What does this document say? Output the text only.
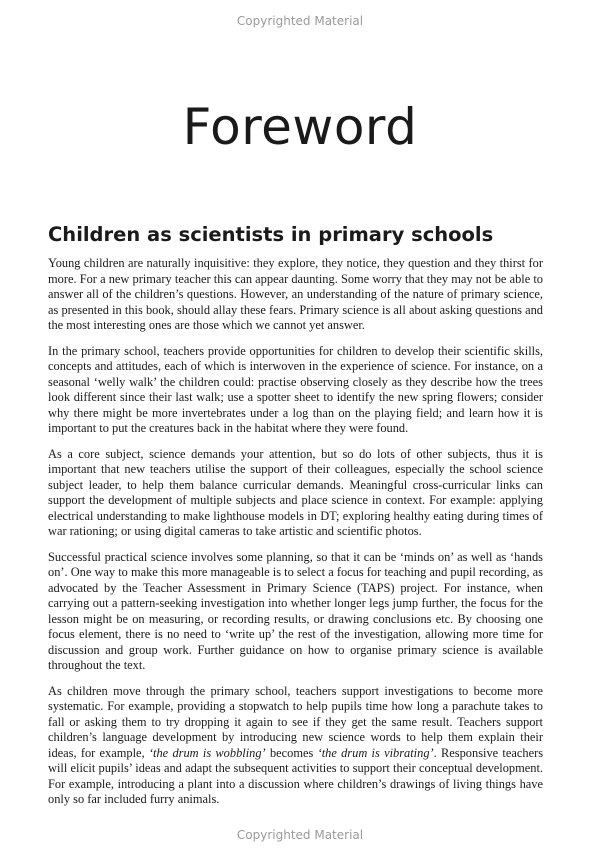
Copyrighted Material
Foreword
Children as scientists in primary schools

Young children are naturally inquisitive: they explore, they notice, they question and they thirst for more. For a new primary teacher this can appear daunting. Some worry that they may not be able to answer all of the children’s questions. However, an understanding of the nature of primary science, as presented in this book, should allay these fears. Primary science is all about asking questions and the most interesting ones are those which we cannot yet answer.

In the primary school, teachers provide opportunities for children to develop their scientific skills, concepts and attitudes, each of which is interwoven in the experience of science. For instance, on a seasonal ‘welly walk’ the children could: practise observing closely as they describe how the trees look different since their last walk; use a spotter sheet to identify the new spring flowers; consider why there might be more invertebrates under a log than on the playing field; and learn how it is important to put the creatures back in the habitat where they were found.

As a core subject, science demands your attention, but so do lots of other subjects, thus it is important that new teachers utilise the support of their colleagues, especially the school science subject leader, to help them balance curricular demands. Meaningful cross-curricular links can support the development of multiple subjects and place science in context. For example: applying electrical understanding to make lighthouse models in DT; exploring healthy eating during times of war rationing; or using digital cameras to take artistic and scientific photos.

Successful practical science involves some planning, so that it can be ‘minds on’ as well as ‘hands on’. One way to make this more manageable is to select a focus for teaching and pupil recording, as advocated by the Teacher Assessment in Primary Science (TAPS) project. For instance, when carrying out a pattern-seeking investigation into whether longer legs jump further, the focus for the lesson might be on measuring, or recording results, or drawing conclusions etc. By choosing one focus element, there is no need to ‘write up’ the rest of the investigation, allowing more time for discussion and group work. Further guidance on how to organise primary science is available throughout the text.

As children move through the primary school, teachers support investigations to become more systematic. For example, providing a stopwatch to help pupils time how long a parachute takes to fall or asking them to try dropping it again to see if they get the same result. Teachers support children’s language development by introducing new science words to help them explain their ideas, for example, ‘the drum is wobbling’ becomes ‘the drum is vibrating’. Responsive teachers will elicit pupils’ ideas and adapt the subsequent activities to support their conceptual development. For example, introducing a plant into a discussion where children’s drawings of living things have only so far included furry animals.

Copyrighted Material
